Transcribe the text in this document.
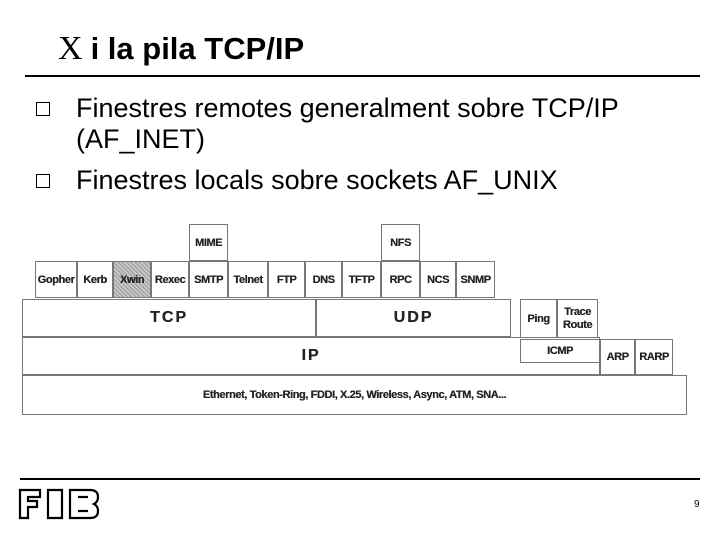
X i la pila TCP/IP
Finestres remotes generalment sobre TCP/IP
(AF_INET)
Finestres locals sobre sockets AF_UNIX
MIME	NFS
Gopher Kerb	Xwin Rexec SMTP Telnet	FTP	DNS	TFTP	RPC	NCS	SNMP
TCP	UDP	Ping
Trace
Route
IP	ICMP	ARP RARP
Ethernet, Token-Ring, FDDI, X.25, Wireless, Async, ATM, SNA...
9
